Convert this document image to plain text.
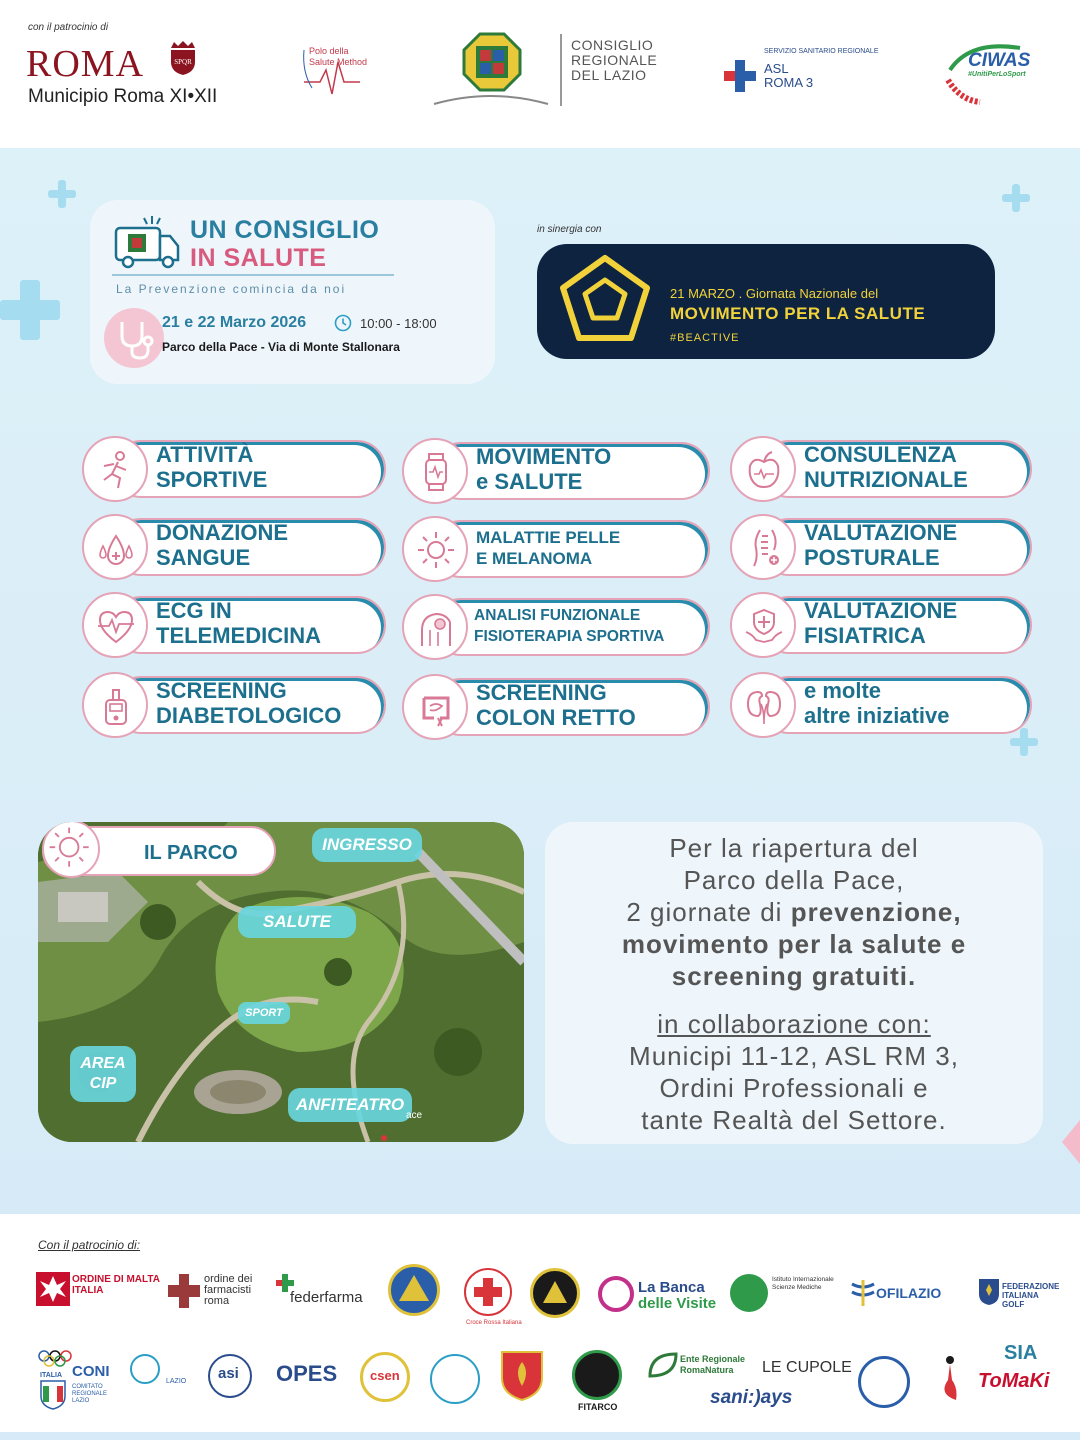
con il patrocinio di
ROMA	SPQR
Municipio Roma XI•XII
Polo della
Salute Method
CONSIGLIO
REGIONALE
DEL LAZIO
SERVIZIO SANITARIO REGIONALE
ASL
ROMA 3
CIWAS
#UnitiPerLoSport
UN CONSIGLIO
IN SALUTE
La Prevenzione comincia da noi
21 e 22 Marzo 2026	10:00 - 18:00
Parco della Pace - Via di Monte Stallonara
in sinergia con
21 MARZO . Giornata Nazionale del
MOVIMENTO PER LA SALUTE
#BEACTIVE
ATTIVITÀ
SPORTIVE
MOVIMENTO
e SALUTE
CONSULENZA
NUTRIZIONALE
DONAZIONE
SANGUE
MALATTIE PELLE
E MELANOMA
VALUTAZIONE
POSTURALE
ECG IN
TELEMEDICINA
ANALISI FUNZIONALE
FISIOTERAPIA SPORTIVA
VALUTAZIONE
FISIATRICA
SCREENING
DIABETOLOGICO
SCREENING
COLON RETTO
e molte
altre iniziative
IL PARCO	INGRESSO
SALUTE
SPORT
AREA
CIP
ANFITEATRO
ace
Per la riapertura del
Parco della Pace,
2 giornate di prevenzione,
movimento per la salute e
screening gratuiti.
in collaborazione con:
Municipi 11-12, ASL RM 3,
Ordini Professionali e
tante Realtà del Settore.
Con il patrocinio di:
ORDINE DI MALTA
ITALIA
ordine dei
farmacisti
roma	federfarma
Croce Rossa Italiana
La Banca
delle Visite
Istituto Internazionale Scienze Mediche	OFILAZIO	FEDERAZIONE
ITALIANA
GOLF
ITALIA CONI
COMITATO REGIONALE LAZIO
LAZIO asi OPES	csen
FITARCO
Ente Regionale
RomaNatura	LE CUPOLE
sani:)ays
SIA
ToMaKi
